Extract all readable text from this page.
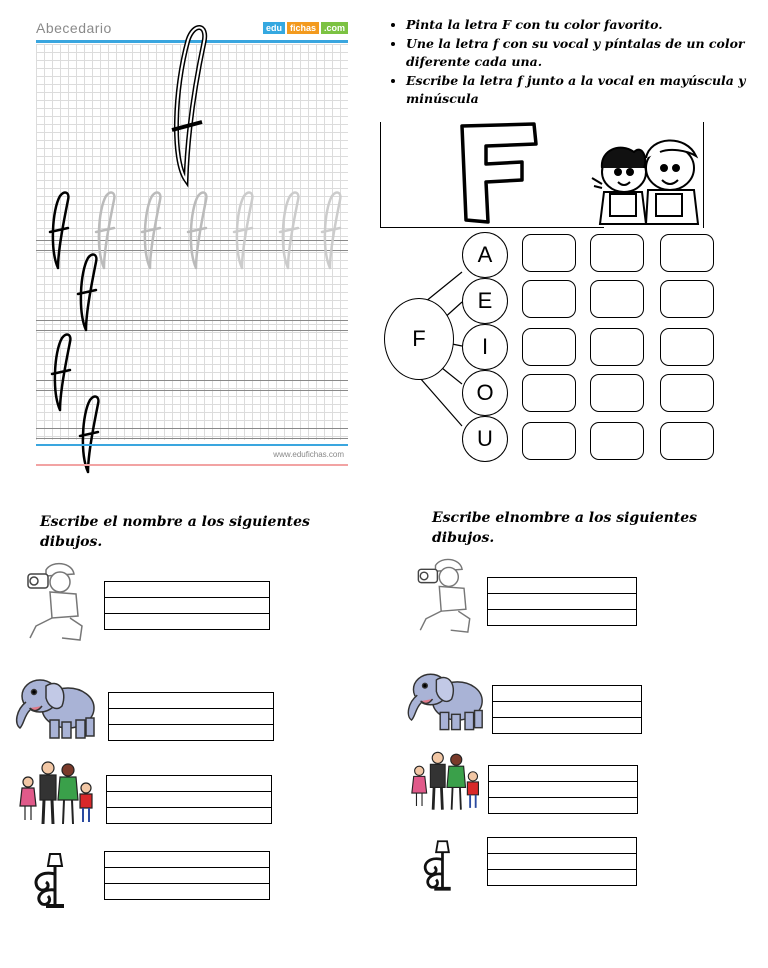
Abecedario	edu fichas .com
www.edufichas.com
• Pinta la letra F con tu color favorito.
• Une la letra f con su vocal y píntalas de un color diferente cada una.
• Escribe la letra f junto a la vocal en mayúscula y minúscula
F
A
E
I
O
U
Escribe el nombre a los siguientes dibujos.
Escribe elnombre a los siguientes dibujos.
